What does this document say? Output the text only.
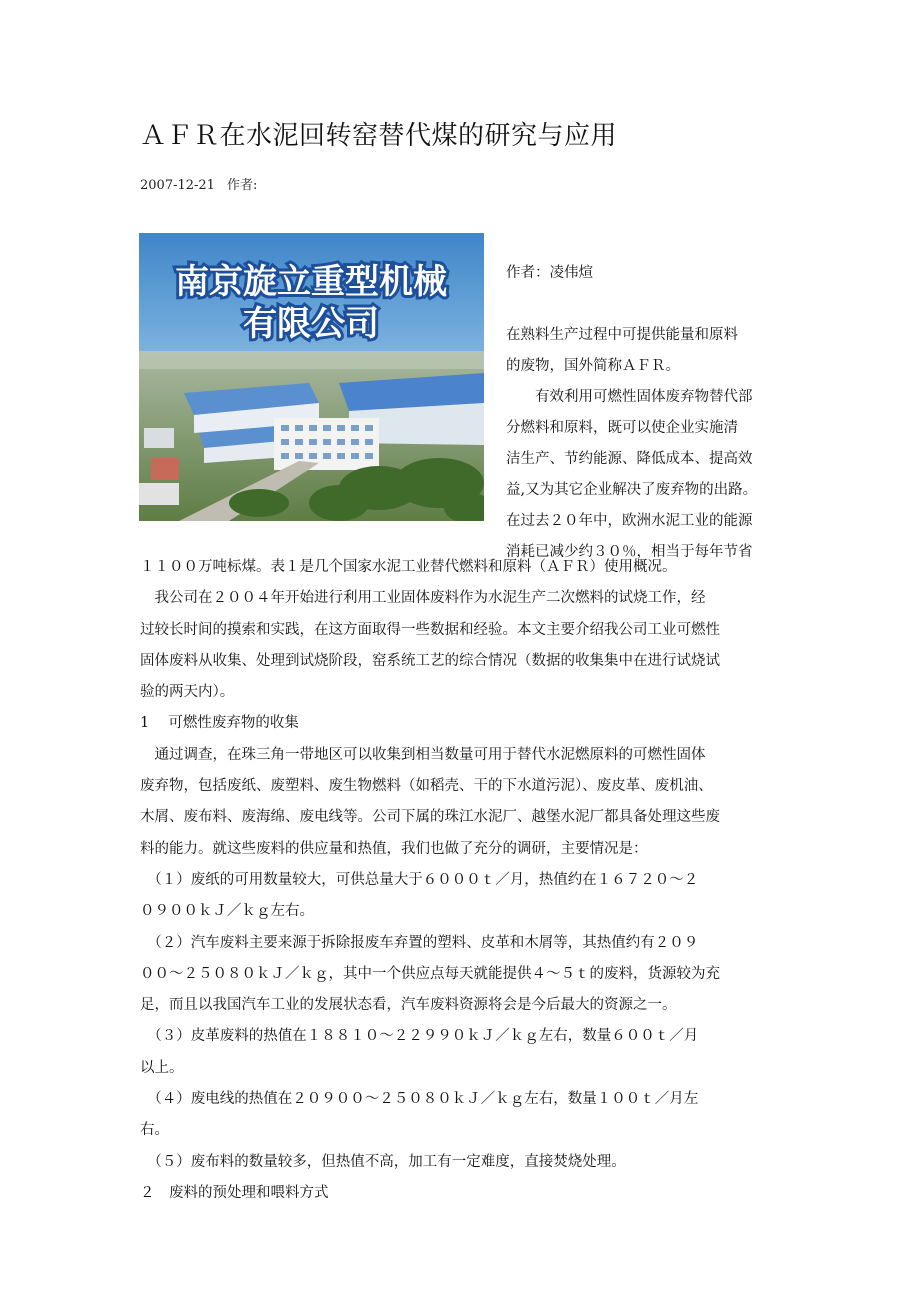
ＡＦＲ在水泥回转窑替代煤的研究与应用
2007-12-21 作者:
南京旋立重型机械
有限公司

作者：凌伟煊

在熟料生产过程中可提供能量和原料
的废物，国外简称ＡＦＲ。
　　有效利用可燃性固体废弃物替代部
分燃料和原料，既可以使企业实施清
洁生产、节约能源、降低成本、提高效
益,又为其它企业解决了废弃物的出路。
在过去２０年中，欧洲水泥工业的能源
消耗已减少约３０％，相当于每年节省
１１００万吨标煤。表１是几个国家水泥工业替代燃料和原料（ＡＦＲ）使用概况。
　我公司在２００４年开始进行利用工业固体废料作为水泥生产二次燃料的试烧工作，经
过较长时间的摸索和实践，在这方面取得一些数据和经验。本文主要介绍我公司工业可燃性
固体废料从收集、处理到试烧阶段，窑系统工艺的综合情况（数据的收集集中在进行试烧试
验的两天内）。
1　 可燃性废弃物的收集
　通过调查，在珠三角一带地区可以收集到相当数量可用于替代水泥燃原料的可燃性固体
废弃物，包括废纸、废塑料、废生物燃料（如稻壳、干的下水道污泥）、废皮革、废机油、
木屑、废布料、废海绵、废电线等。公司下属的珠江水泥厂、越堡水泥厂都具备处理这些废
料的能力。就这些废料的供应量和热值，我们也做了充分的调研，主要情况是：
　（１）废纸的可用数量较大，可供总量大于６０００ｔ／月，热值约在１６７２０～２
０９００ｋＪ／ｋｇ左右。
　（２）汽车废料主要来源于拆除报废车弃置的塑料、皮革和木屑等，其热值约有２０９
００～２５０８０ｋＪ／ｋｇ，其中一个供应点每天就能提供４～５ｔ的废料，货源较为充
足，而且以我国汽车工业的发展状态看，汽车废料资源将会是今后最大的资源之一。
　（３）皮革废料的热值在１８８１０～２２９９０ｋＪ／ｋｇ左右，数量６００ｔ／月
以上。
　（４）废电线的热值在２０９００～２５０８０ｋＪ／ｋｇ左右，数量１００ｔ／月左
右。
　（５）废布料的数量较多，但热值不高，加工有一定难度，直接焚烧处理。
２　废料的预处理和喂料方式
